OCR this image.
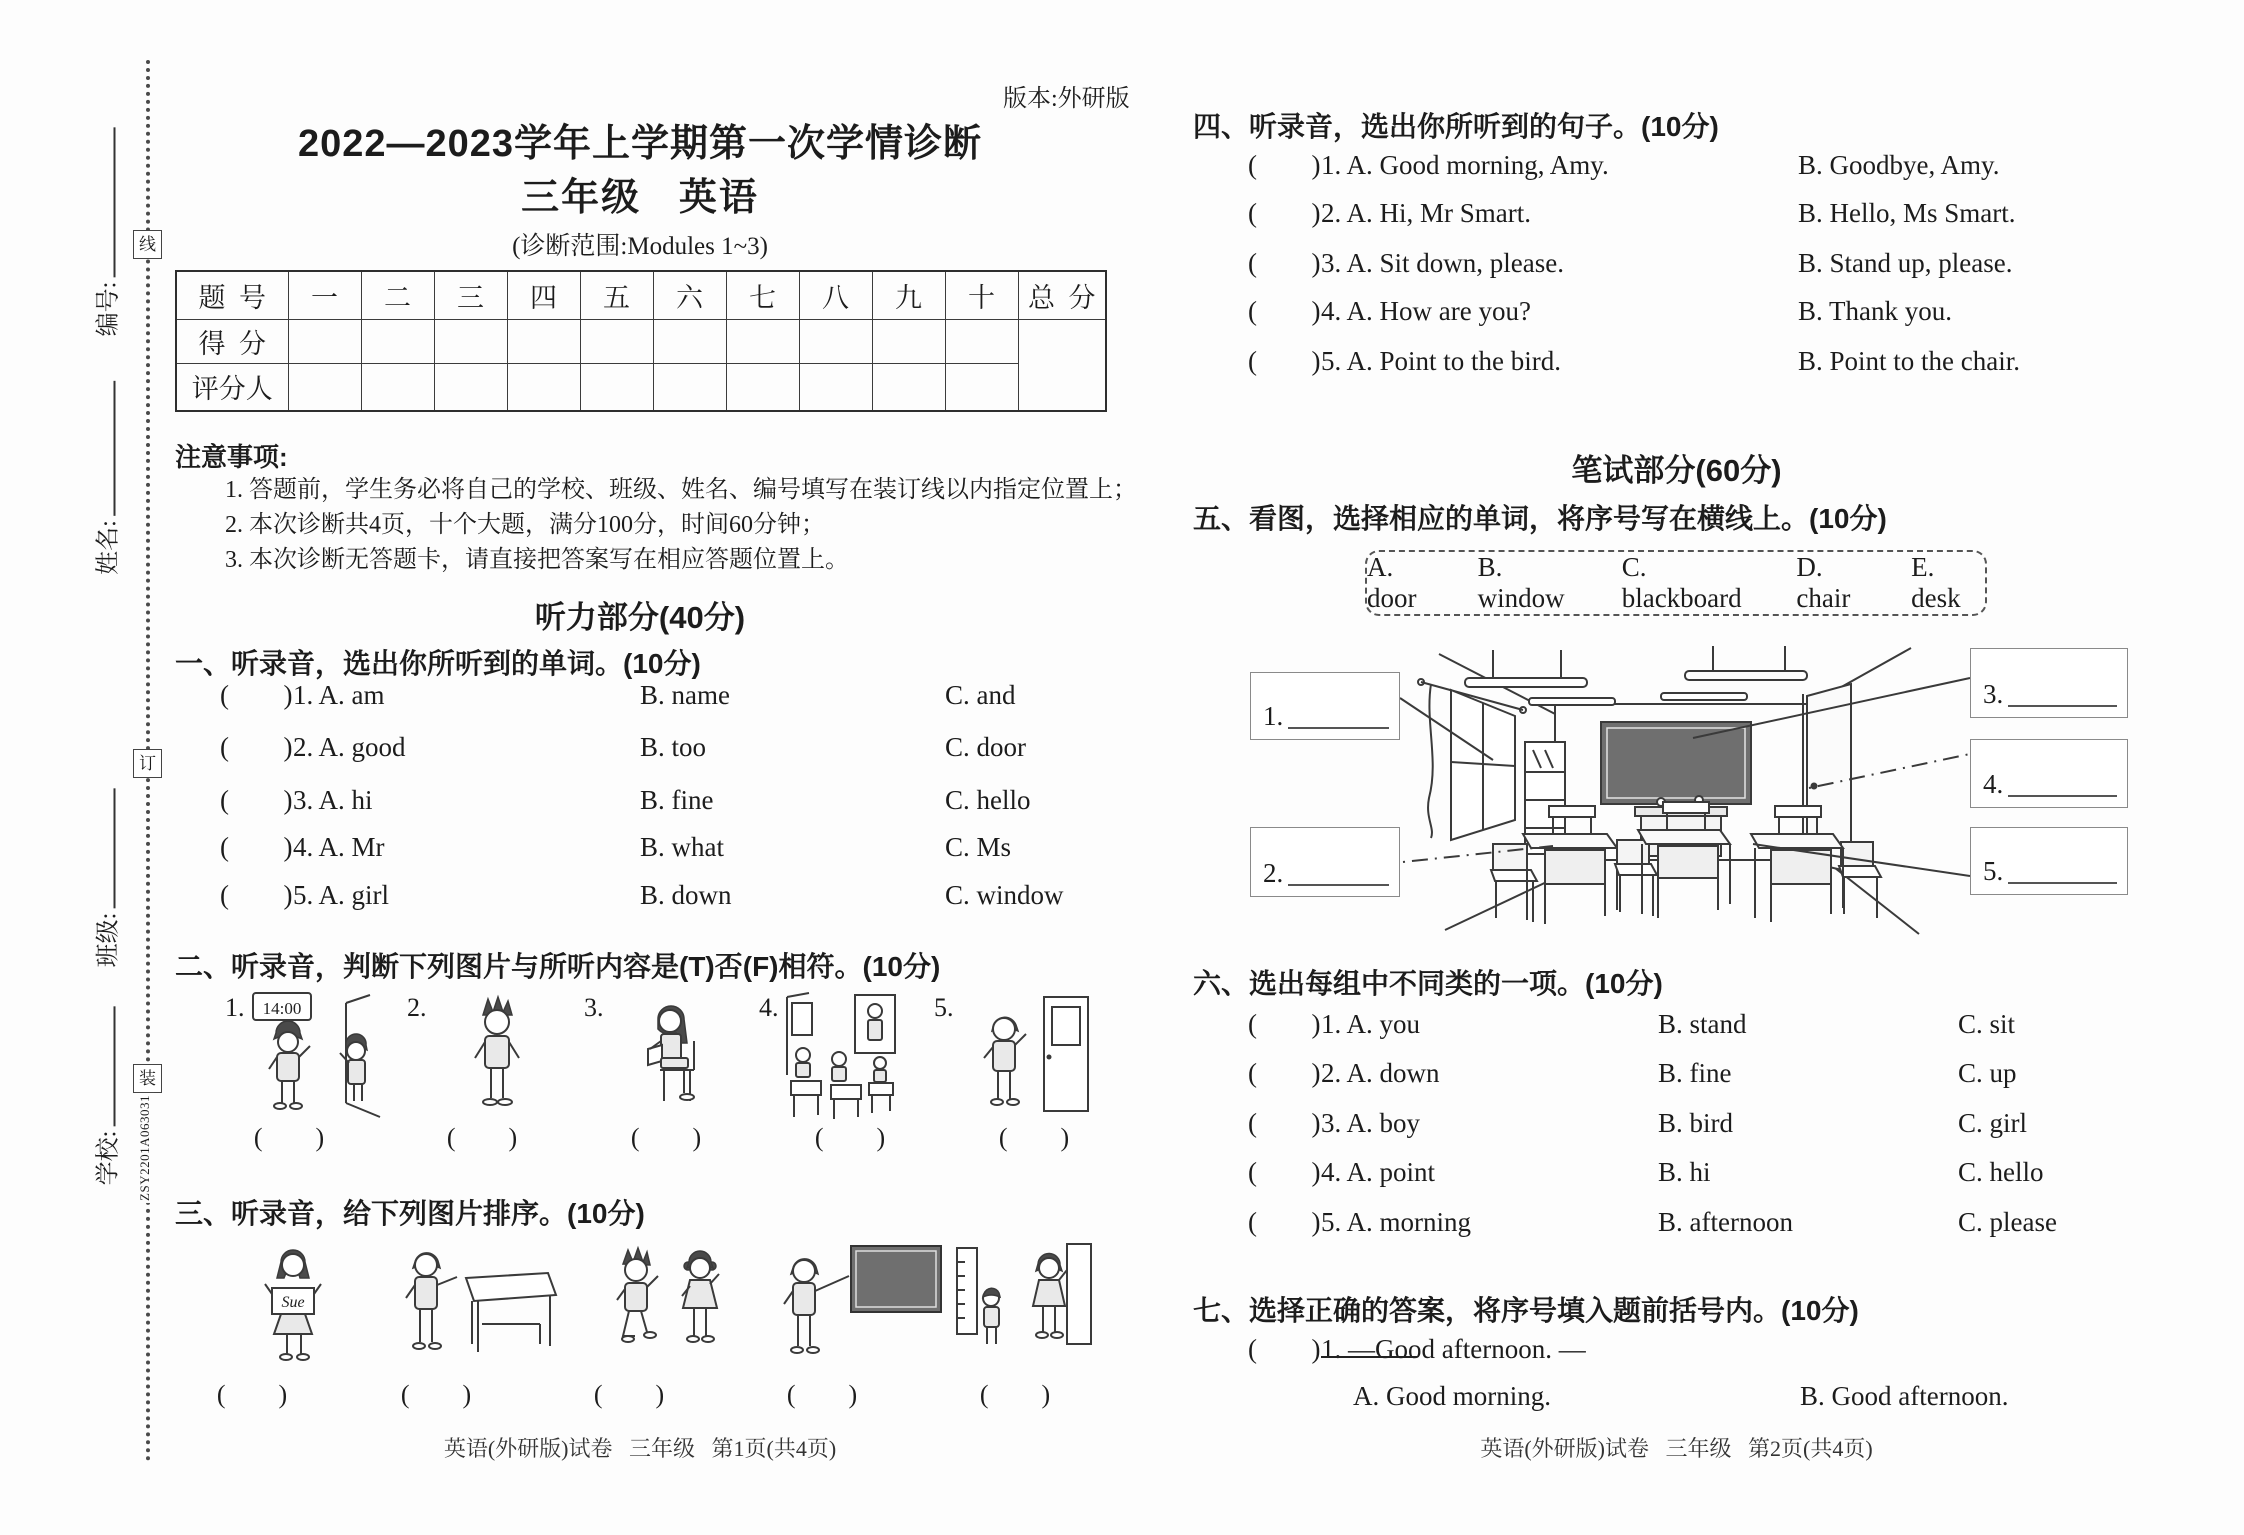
线
订
装
编号:
姓名:
班级:
学校: ZSY2201A063031
版本:外研版
2022—2023学年上学期第一次学情诊断
三年级   英语
(诊断范围:Modules 1~3)
题  号	一	二	三	四	五	六	七	八	九	十	总  分
得  分											
评分人											
注意事项:
1. 答题前，学生务必将自己的学校、班级、姓名、编号填写在装订线以内指定位置上；
2. 本次诊断共4页，十个大题，满分100分，时间60分钟；
3. 本次诊断无答题卡，请直接把答案写在相应答题位置上。
听力部分(40分)
一、听录音，选出你所听到的单词。(10分)
(      )
1. A. am	B. name	C. and
(      )
2. A. good	B. too	C. door
(      )
3. A. hi	B. fine	C. hello
(      )
4. A. Mr	B. what	C. Ms
(      )
5. A. girl	B. down	C. window
二、听录音，判断下列图片与所听内容是(T)否(F)相符。(10分)
1.	2.	3.	4.	5.
14:00
(      )	(      )	(      )	(      )	(      )
三、听录音，给下列图片排序。(10分)
Sue
(      )	(      )	(      )	(      )	(      )
英语(外研版)试卷   三年级   第1页(共4页)
四、听录音，选出你所听到的句子。(10分)
(      )
1. A. Good morning, Amy.	B. Goodbye, Amy.
(      )
2. A. Hi, Mr Smart.	B. Hello, Ms Smart.
(      )
3. A. Sit down, please.	B. Stand up, please.
(      )
4. A. How are you?	B. Thank you.
(      )
5. A. Point to the bird.	B. Point to the chair.
笔试部分(60分)
五、看图，选择相应的单词，将序号写在横线上。(10分)
A. door
B. window
C. blackboard
D. chair
E. desk
1.
2.
3.
4.
5.
六、选出每组中不同类的一项。(10分)
(      )
1. A. you	B. stand	C. sit
(      )
2. A. down	B. fine	C. up
(      )
3. A. boy	B. bird	C. girl
(      )
4. A. point	B. hi	C. hello
(      )
5. A. morning	B. afternoon	C. please
七、选择正确的答案，将序号填入题前括号内。(10分)
(      )
1. —Good afternoon. —
A. Good morning.	B. Good afternoon.
英语(外研版)试卷   三年级   第2页(共4页)
